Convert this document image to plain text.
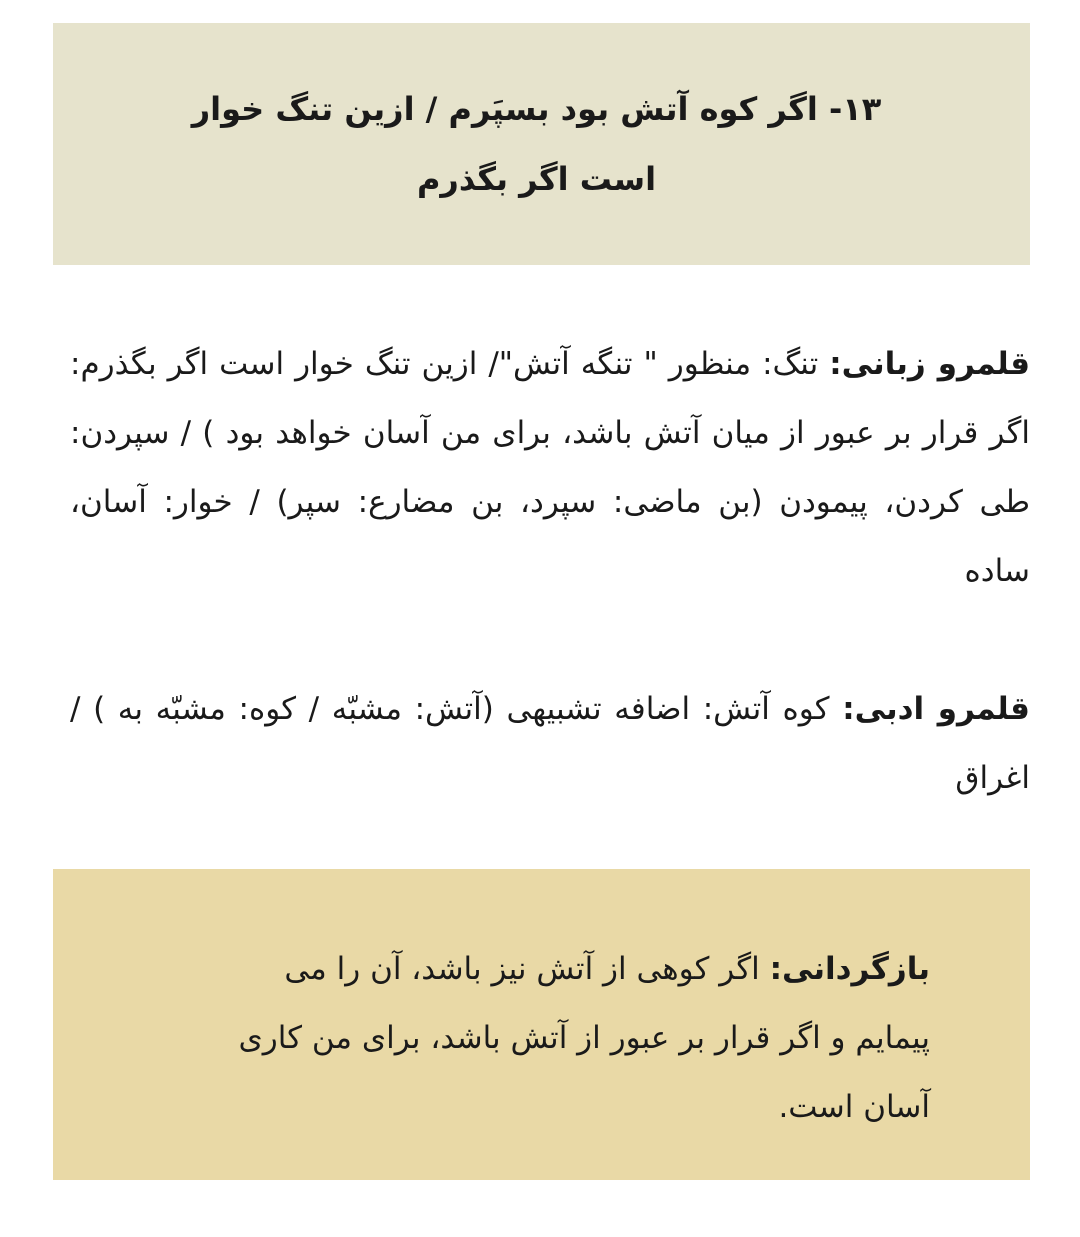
۱۳- اگر کوه آتش بود بسپَرم / ازین تنگ خوار است اگر بگذرم

قلمرو زبانی: تنگ: منظور " تنگه آتش"/ ازین تنگ خوار است اگر بگذرم: اگر قرار بر عبور از میان آتش باشد، برای من آسان خواهد بود ) / سپردن: طی کردن، پیمودن (بن ماضی: سپرد، بن مضارع: سپر) / خوار: آسان، ساده

قلمرو ادبی: کوه آتش: اضافه تشبیهی (آتش: مشبّه / کوه: مشبّه به ) / اغراق

بازگردانی: اگر کوهی از آتش نیز باشد، آن را می پیمایم و اگر قرار بر عبور از آتش باشد، برای من کاری آسان است.
